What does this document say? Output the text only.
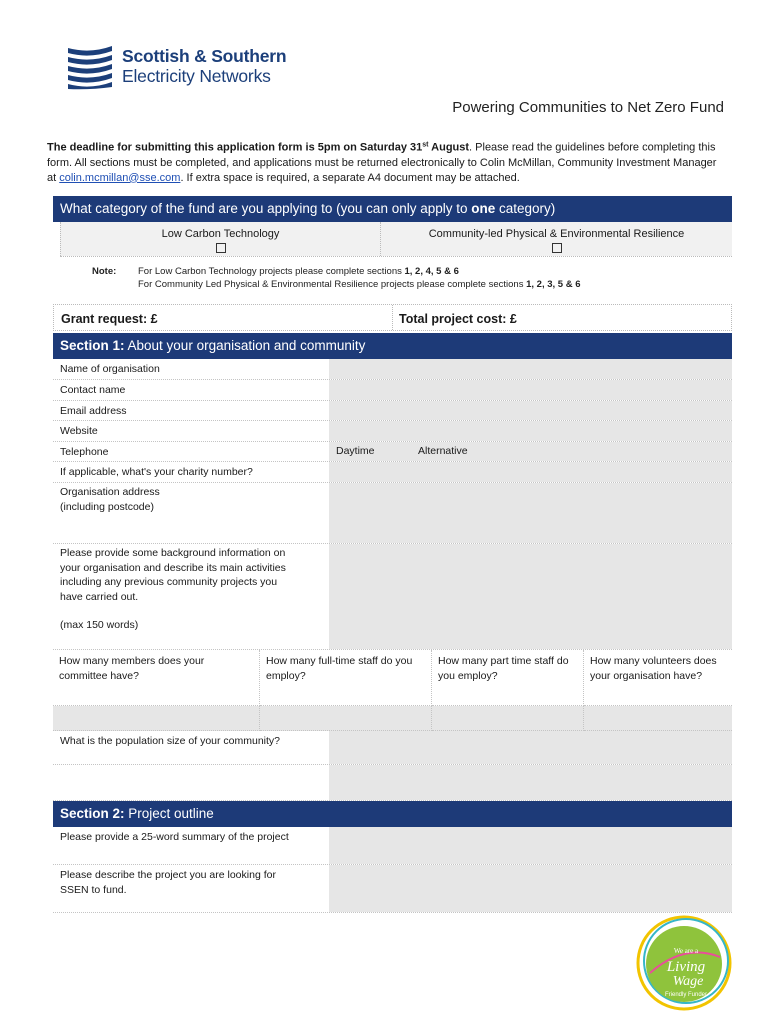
Scottish & Southern
Electricity Networks
Powering Communities to Net Zero Fund
The deadline for submitting this application form is 5pm on Saturday 31st August. Please read the guidelines before completing this form. All sections must be completed, and applications must be returned electronically to Colin McMillan, Community Investment Manager at colin.mcmillan@sse.com. If extra space is required, a separate A4 document may be attached.
What category of the fund are you applying to (you can only apply to one category)
Low Carbon Technology	Community-led Physical & Environmental Resilience
Note: For Low Carbon Technology projects please complete sections 1, 2, 4, 5 & 6
For Community Led Physical & Environmental Resilience projects please complete sections 1, 2, 3, 5 & 6
Grant request: £	Total project cost: £
Section 1: About your organisation and community
Name of organisation
Contact name
Email address
Website
Telephone	Daytime	Alternative
If applicable, what's your charity number?
Organisation address
(including postcode)
Please provide some background information on
your organisation and describe its main activities
including any previous community projects you
have carried out.

(max 150 words)
How many members does your committee have?
How many full-time staff do you employ?
How many part time staff do you employ?
How many volunteers does your organisation have?
What is the population size of your community?
Section 2: Project outline
Please provide a 25-word summary of the project
Please describe the project you are looking for
SSEN to fund.
We are a
Living
Wage
Friendly Funder
